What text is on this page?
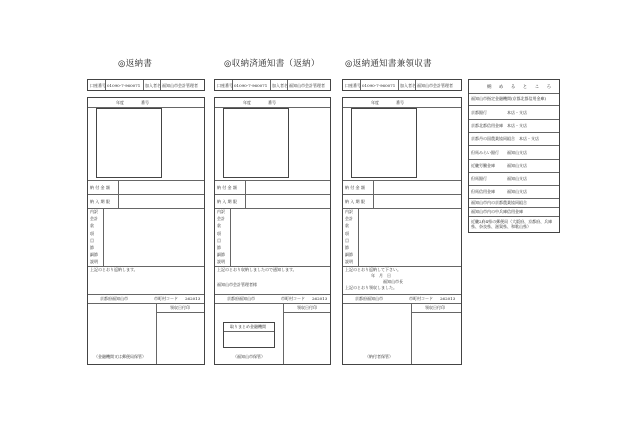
◎返納書
口座番号 01090-7-960071 加入者名 福知山市会計管理者
年度	番号
納 付 金 額
納 入 期 限
内訳
会計
款
項
目
節
細節
説明
上記のとおり返納します。
京都府福知山市	市町村コード 262013
領収日付印
（金融機関又は郵便局保管）
◎収納済通知書（返納）
口座番号 01090-7-960071 加入者名 福知山市会計管理者
年度	番号
納 付 金 額
納 入 期 限
内訳
会計
款
項
目
節
細節
説明
上記のとおり収納しましたので通知します。
福知山市会計管理者様
京都府福知山市	市町村コード 262013
領収日付印
取りまとめ金融機関
（福知山市保管）
◎返納通知書兼領収書
口座番号 01090-7-960071 加入者名 福知山市会計管理者
年度	番号
納 付 金 額
納 入 期 限
内訳
会計
款
項
目
節
細節
説明
上記のとおり返納して下さい。
年　月　日
福知山市長
上記のとおり領収しました。
京都府福知山市	市町村コード 262013
領収日付印
（納付者保管）
納 め る と こ ろ
福知山市指定金融機関(京都北都信用金庫)
京都銀行　　　　　本店・支店
京都北都信用金庫　本店・支店
京都丹の国農業協同組合　本店・支店
但馬みらい銀行　　福知山支店
近畿労働金庫　　　福知山支店
但馬銀行　　　　　福知山支店
但馬信用金庫　　　福知山支店
福知山市内の京都農業協同組合
福知山市内の中兵庫信用金庫
近畿2府4県の郵便局（大阪府、京都府、兵庫県、奈良県、滋賀県、和歌山県）
